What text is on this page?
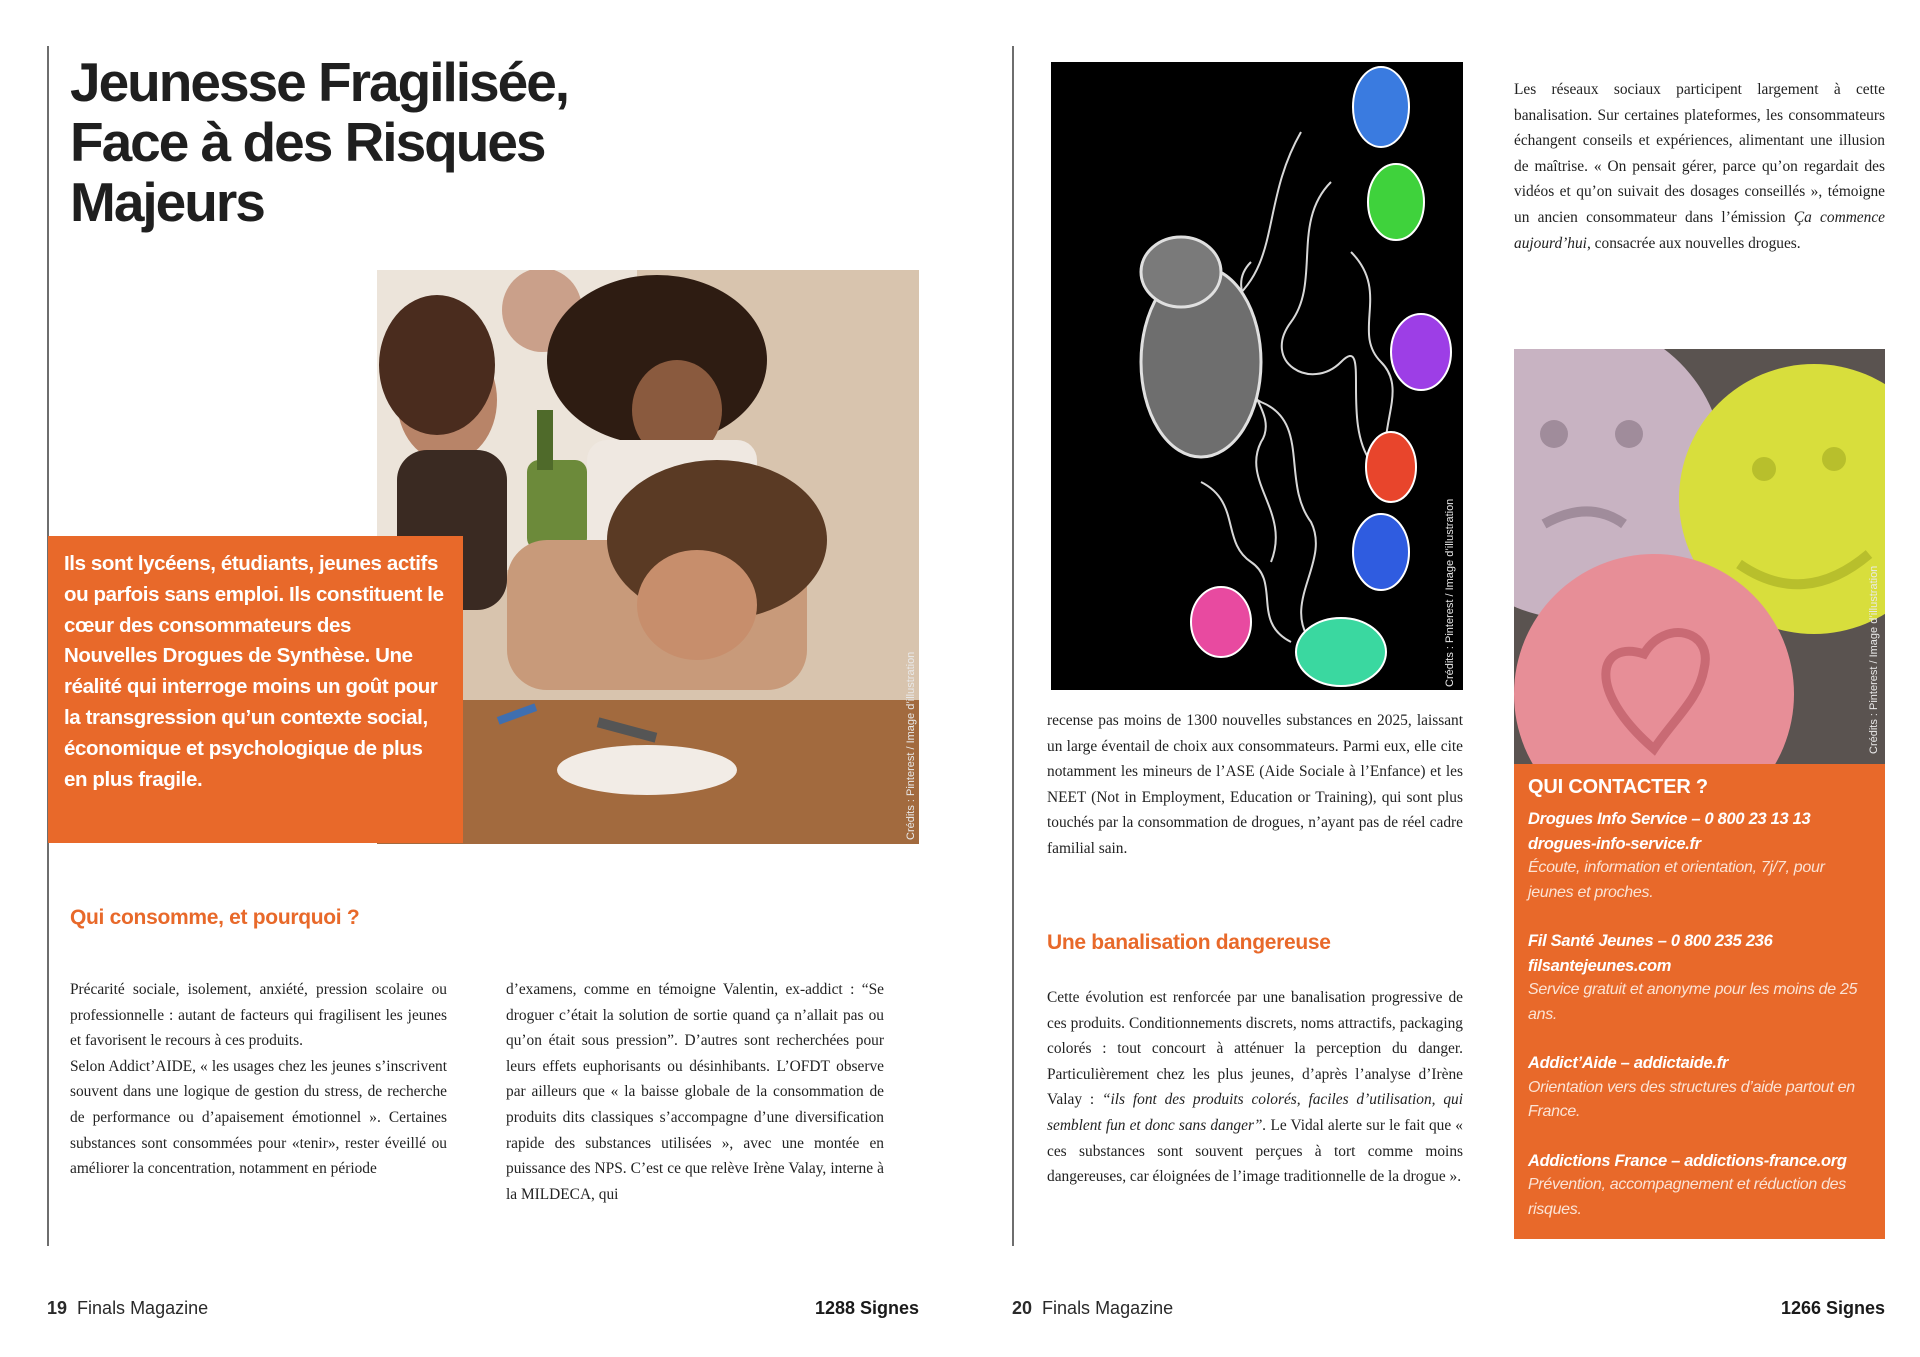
Jeunesse Fragilisée,
Face à des Risques
Majeurs
Crédits : Pinterest / Image d’illustration

Ils sont lycéens, étudiants, jeunes actifs ou parfois sans emploi. Ils constituent le cœur des consommateurs des Nouvelles Drogues de Synthèse. Une réalité qui interroge moins un goût pour la transgression qu’un contexte social, économique et psychologique de plus en plus fragile.

Qui consomme, et pourquoi ?

Précarité sociale, isolement, anxiété, pression scolaire ou professionnelle : autant de facteurs qui fragilisent les jeunes et favorisent le recours à ces produits.

Selon Addict’AIDE, « les usages chez les jeunes s’inscrivent souvent dans une logique de gestion du stress, de recherche de performance ou d’apaisement émotionnel ». Certaines substances sont consommées pour «tenir», rester éveillé ou améliorer la concentration, notamment en période

d’examens, comme en témoigne Valentin, ex-addict : “Se droguer c’était la solution de sortie quand ça n’allait pas ou qu’on était sous pression”. D’autres sont recherchées pour leurs effets euphorisants ou désinhibants. L’OFDT observe par ailleurs que « la baisse globale de la consommation de produits dits classiques s’accompagne d’une diversification rapide des substances utilisées », avec une montée en puissance des NPS. C’est ce que relève Irène Valay, interne à la MILDECA, qui

19 Finals Magazine	1288 Signes
Crédits : Pinterest / Image d’illustration

recense pas moins de 1300 nouvelles substances en 2025, laissant un large éventail de choix aux consommateurs. Parmi eux, elle cite notamment les mineurs de l’ASE (Aide Sociale à l’Enfance) et les NEET (Not in Employment, Education or Training), qui sont plus touchés par la consommation de drogues, n’ayant pas de réel cadre familial sain.

Une banalisation dangereuse

Cette évolution est renforcée par une banalisation progressive de ces produits. Conditionnements discrets, noms attractifs, packaging colorés : tout concourt à atténuer la perception du danger. Particulièrement chez les plus jeunes, d’après l’analyse d’Irène Valay : “ils font des produits colorés, faciles d’utilisation, qui semblent fun et donc sans danger”. Le Vidal alerte sur le fait que « ces substances sont souvent perçues à tort comme moins dangereuses, car éloignées de l’image traditionnelle de la drogue ».

Les réseaux sociaux participent largement à cette banalisation. Sur certaines plateformes, les consommateurs échangent conseils et expériences, alimentant une illusion de maîtrise. « On pensait gérer, parce qu’on regardait des vidéos et qu’on suivait des dosages conseillés », témoigne un ancien consommateur dans l’émission Ça commence aujourd’hui, consacrée aux nouvelles drogues.

Crédits : Pinterest / Image d’illustration
QUI CONTACTER ?
Drogues Info Service – 0 800 23 13 13
drogues-info-service.fr
Écoute, information et orientation, 7j/7, pour jeunes et proches.
Fil Santé Jeunes – 0 800 235 236
filsantejeunes.com
Service gratuit et anonyme pour les moins de 25 ans.
Addict’Aide – addictaide.fr
Orientation vers des structures d’aide partout en France.
Addictions France – addictions-france.org
Prévention, accompagnement et réduction des risques.
20 Finals Magazine	1266 Signes
